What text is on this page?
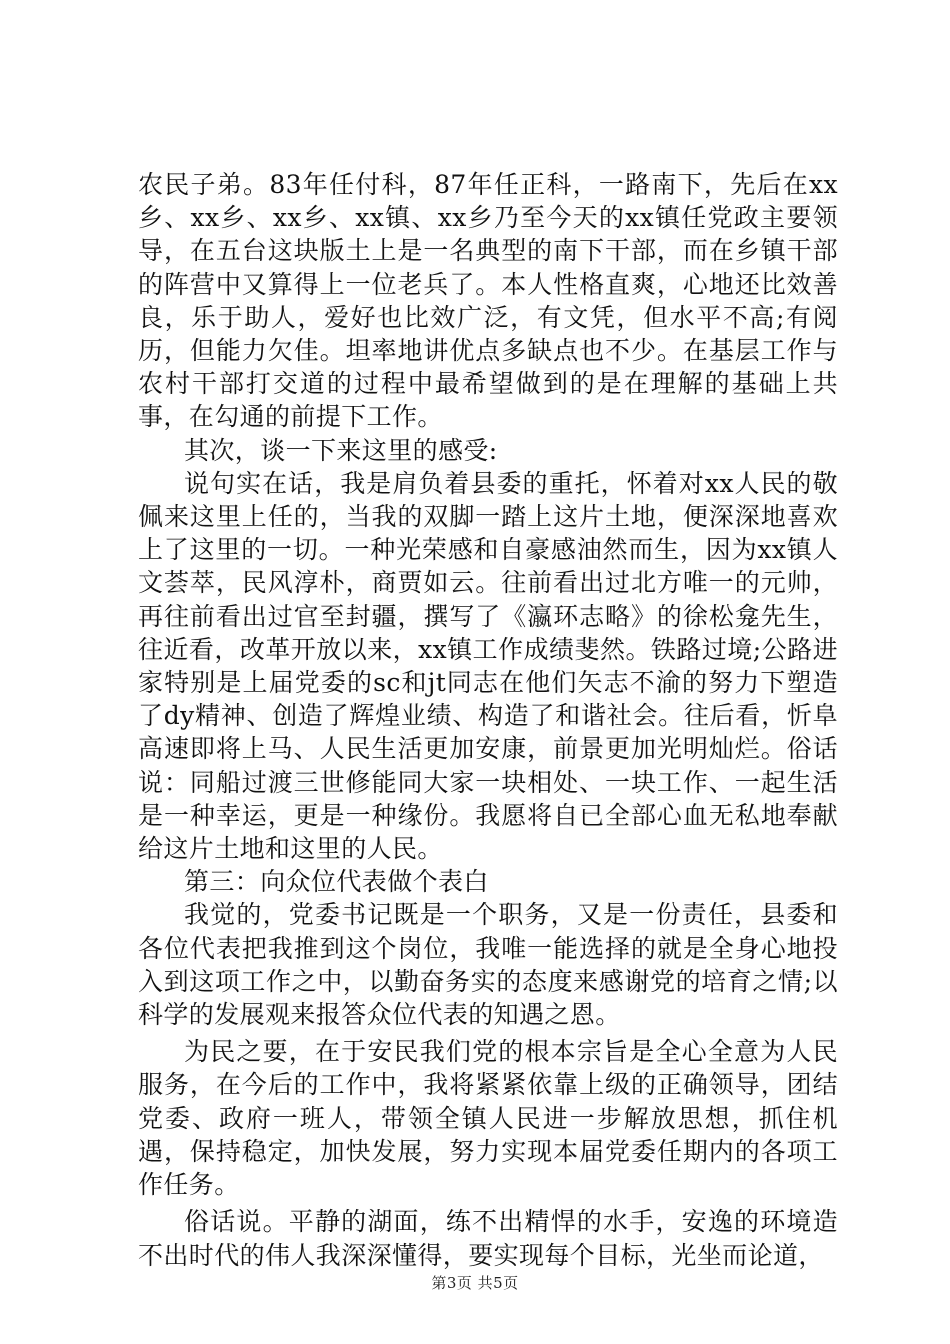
农民子弟。83年任付科，87年任正科，一路南下，先后在xx乡、xx乡、xx乡、xx镇、xx乡乃至今天的xx镇任党政主要领导，在五台这块版土上是一名典型的南下干部，而在乡镇干部的阵营中又算得上一位老兵了。本人性格直爽，心地还比效善良，乐于助人，爱好也比效广泛，有文凭，但水平不高;有阅历，但能力欠佳。坦率地讲优点多缺点也不少。在基层工作与农村干部打交道的过程中最希望做到的是在理解的基础上共事，在勾通的前提下工作。

其次，谈一下来这里的感受:

说句实在话，我是肩负着县委的重托，怀着对xx人民的敬佩来这里上任的，当我的双脚一踏上这片土地，便深深地喜欢上了这里的一切。一种光荣感和自豪感油然而生，因为xx镇人文荟萃，民风淳朴，商贾如云。往前看出过北方唯一的元帅，再往前看出过官至封疆，撰写了《瀛环志略》的徐松龛先生，往近看，改革开放以来，xx镇工作成绩斐然。铁路过境;公路进家特别是上届党委的sc和jt同志在他们矢志不渝的努力下塑造了dy精神、创造了辉煌业绩、构造了和谐社会。往后看，忻阜高速即将上马、人民生活更加安康，前景更加光明灿烂。俗话说：同船过渡三世修能同大家一块相处、一块工作、一起生活是一种幸运，更是一种缘份。我愿将自已全部心血无私地奉献给这片土地和这里的人民。

第三：向众位代表做个表白

我觉的，党委书记既是一个职务，又是一份责任，县委和各位代表把我推到这个岗位，我唯一能选择的就是全身心地投入到这项工作之中，以勤奋务实的态度来感谢党的培育之情;以科学的发展观来报答众位代表的知遇之恩。

为民之要，在于安民我们党的根本宗旨是全心全意为人民服务，在今后的工作中，我将紧紧依靠上级的正确领导，团结党委、政府一班人，带领全镇人民进一步解放思想，抓住机遇，保持稳定，加快发展，努力实现本届党委任期内的各项工作任务。

俗话说。平静的湖面，练不出精悍的水手，安逸的环境造不出时代的伟人我深深懂得，要实现每个目标，光坐而论道，

第3页 共5页
